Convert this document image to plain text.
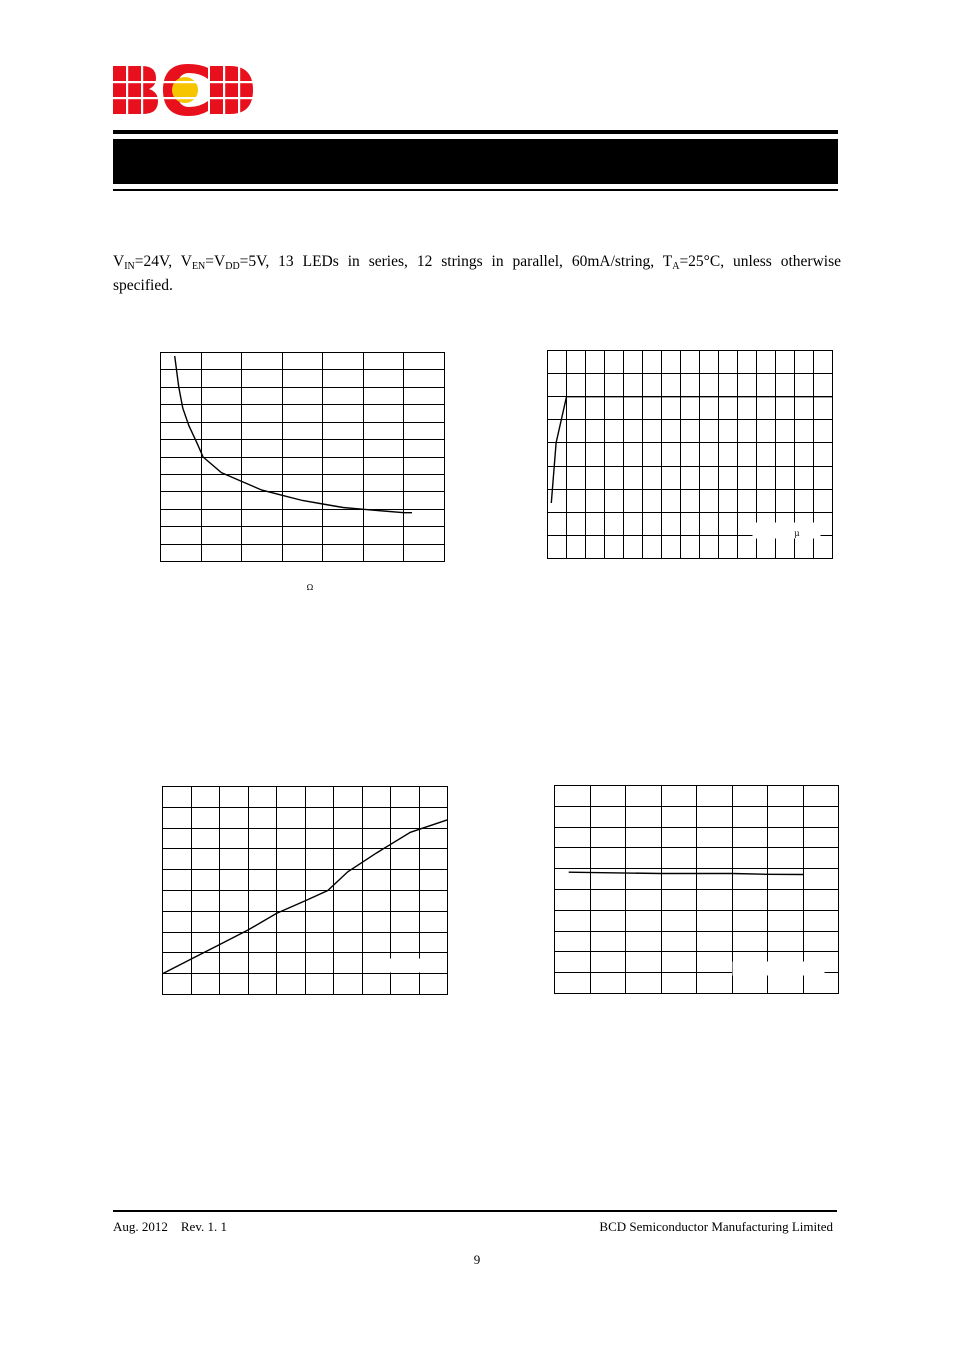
BCD
$V_{IN}=24V$, $V_{EN}=V_{DD}=5V$, 13 LEDs in series, 12 strings in parallel, 60mA/string, $T_A=25^\circ C$, unless otherwise
specified.
Ω
μ
Aug. 2012 Rev. 1. 1	BCD Semiconductor Manufacturing Limited
9
